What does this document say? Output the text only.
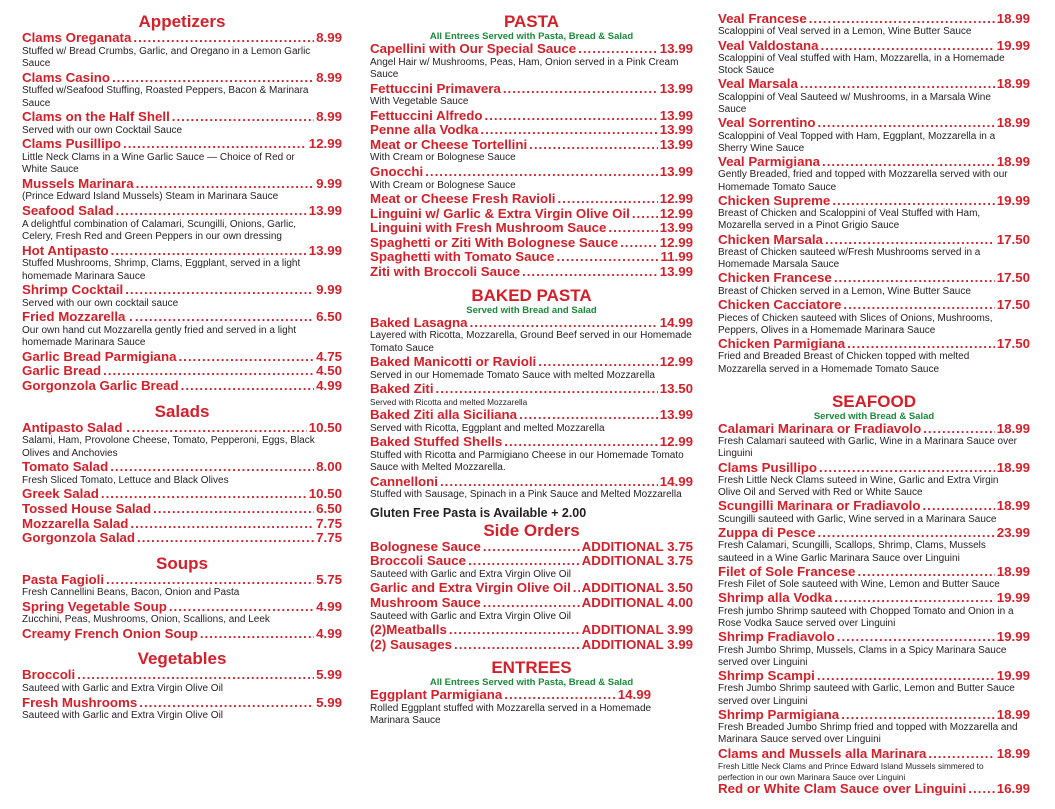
Appetizers
Clams Oreganata .....	8.99
Stuffed w/ Bread Crumbs, Garlic, and Oregano in a Lemon Garlic Sauce
Clams Casino .....	8.99
Stuffed w/Seafood Stuffing, Roasted Peppers, Bacon & Marinara Sauce
Clams on the Half Shell .....	8.99
Served with our own Cocktail Sauce
Clams Pusillipo .....	12.99
Little Neck Clams in a Wine Garlic Sauce — Choice of Red or White Sauce
Mussels Marinara .....	9.99
(Prince Edward Island Mussels) Steam in Marinara Sauce
Seafood Salad .....	13.99
A delightful combination of Calamari, Scungilli, Onions, Garlic, Celery, Fresh Red and Green Peppers in our own dressing
Hot Antipasto .....	13.99
Stuffed Mushrooms, Shrimp, Clams, Eggplant, served in a light homemade Marinara Sauce
Shrimp Cocktail .....	9.99
Served with our own cocktail sauce
Fried Mozzarella . .....	6.50
Our own hand cut Mozzarella gently fried and served in a light homemade Marinara Sauce
Garlic Bread Parmigiana .....	4.75
Garlic Bread .....	4.50
Gorgonzola Garlic Bread .....	4.99
Salads
Antipasto Salad . .....	10.50
Salami, Ham, Provolone Cheese, Tomato, Pepperoni, Eggs, Black Olives and Anchovies
Tomato Salad .....	8.00
Fresh Sliced Tomato, Lettuce and Black Olives
Greek Salad .....	10.50
Tossed House Salad .....	6.50
Mozzarella Salad .....	7.75
Gorgonzola Salad .....	7.75
Soups
Pasta Fagioli .....	5.75
Fresh Cannellini Beans, Bacon, Onion and Pasta
Spring Vegetable Soup .....	4.99
Zucchini, Peas, Mushrooms, Onion, Scallions, and Leek
Creamy French Onion Soup .....	4.99
Vegetables
Broccoli .....	5.99
Sauteed with Garlic and Extra Virgin Olive Oil
Fresh Mushrooms .....	5.99
Sauteed with Garlic and Extra Virgin Olive Oil
PASTA
All Entrees Served with Pasta, Bread & Salad
Capellini with Our Special Sauce .....	13.99
Angel Hair w/ Mushrooms, Peas, Ham, Onion served in a Pink Cream Sauce
Fettuccini Primavera .....	13.99
With Vegetable Sauce
Fettuccini Alfredo .....	13.99
Penne alla Vodka .....	13.99
Meat or Cheese Tortellini .....	13.99
With Cream or Bolognese Sauce
Gnocchi .....	13.99
With Cream or Bolognese Sauce
Meat or Cheese Fresh Ravioli .....	12.99
Linguini w/ Garlic & Extra Virgin Olive Oil ..... 12.99
Linguini with Fresh Mushroom Sauce .....	13.99
Spaghetti or Ziti With Bolognese Sauce .....	12.99
Spaghetti with Tomato Sauce .....	11.99
Ziti with Broccoli Sauce .....	13.99
BAKED PASTA
Served with Bread and Salad
Baked Lasagna .....	14.99
Layered with Ricotta, Mozzarella, Ground Beef served in our Homemade Tomato Sauce
Baked Manicotti or Ravioli .....	12.99
Served in our Homemade Tomato Sauce with melted Mozzarella
Baked Ziti .....	13.50
Served with Ricotta and melted Mozzarella
Baked Ziti alla Siciliana .....	13.99
Served with Ricotta, Eggplant and melted Mozzarella
Baked Stuffed Shells .....	12.99
Stuffed with Ricotta and Parmigiano Cheese in our Homemade Tomato Sauce with Melted Mozzarella.
Cannelloni .....	14.99
Stuffed with Sausage, Spinach in a Pink Sauce and Melted Mozzarella
Gluten Free Pasta is Available + 2.00
Side Orders
Bolognese Sauce .....	ADDITIONAL 3.75
Broccoli Sauce .....	ADDITIONAL 3.75
Sauteed with Garlic and Extra Virgin Olive Oil
Garlic and Extra Virgin Olive Oil ..... ADDITIONAL 3.50
Mushroom Sauce .....	ADDITIONAL 4.00
Sauteed with Garlic and Extra Virgin Olive Oil
(2)Meatballs .....	ADDITIONAL 3.99
(2) Sausages .....	ADDITIONAL 3.99
ENTREES
All Entrees Served with Pasta, Bread & Salad
Eggplant Parmigiana .....	14.99
Rolled Eggplant stuffed with Mozzarella served in a Homemade Marinara Sauce
Veal Francese .....	18.99
Scaloppini of Veal served in a Lemon, Wine Butter Sauce
Veal Valdostana .....	19.99
Scaloppini of Veal stuffed with Ham, Mozzarella, in a Homemade Stock Sauce
Veal Marsala .....	18.99
Scaloppini of Veal Sauteed w/ Mushrooms, in a Marsala Wine Sauce
Veal Sorrentino .....	18.99
Scaloppini of Veal Topped with Ham, Eggplant, Mozzarella in a Sherry Wine Sauce
Veal Parmigiana .....	18.99
Gently Breaded, fried and topped with Mozzarella served with our Homemade Tomato Sauce
Chicken Supreme .....	19.99
Breast of Chicken and Scaloppini of Veal Stuffed with Ham, Mozarella served in a Pinot Grigio Sauce
Chicken Marsala .....	17.50
Breast of Chicken sauteed w/Fresh Mushrooms served in a Homemade Marsala Sauce
Chicken Francese .....	17.50
Breast of Chicken served in a Lemon, Wine Butter Sauce
Chicken Cacciatore .....	17.50
Pieces of Chicken sauteed with Slices of Onions, Mushrooms, Peppers, Olives in a Homemade Marinara Sauce
Chicken Parmigiana .....	17.50
Fried and Breaded Breast of Chicken topped with melted Mozzarella served in a Homemade Tomato Sauce
SEAFOOD
Served with Bread & Salad
Calamari Marinara or Fradiavolo .....	18.99
Fresh Calamari sauteed with Garlic, Wine in a Marinara Sauce over Linguini
Clams Pusillipo .....	18.99
Fresh Little Neck Clams suteed in Wine, Garlic and Extra Virgin Olive Oil and Served with Red or White Sauce
Scungilli Marinara or Fradiavolo .....	18.99
Scungilli sauteed with Garlic, Wine served in a Marinara Sauce
Zuppa di Pesce .....	23.99
Fresh Calamari, Scungilli, Scallops, Shrimp, Clams, Mussels sauteed in a Wine Garlic Marinara Sauce over Linguini
Filet of Sole Francese .....	18.99
Fresh Filet of Sole sauteed with Wine, Lemon and Butter Sauce
Shrimp alla Vodka .....	19.99
Fresh jumbo Shrimp sauteed with Chopped Tomato and Onion in a Rose Vodka Sauce served over Linguini
Shrimp Fradiavolo .....	19.99
Fresh Jumbo Shrimp, Mussels, Clams in a Spicy Marinara Sauce served over Linguini
Shrimp Scampi .....	19.99
Fresh Jumbo Shrimp sauteed with Garlic, Lemon and Butter Sauce served over Linguini
Shrimp Parmigiana .....	18.99
Fresh Breaded Jumbo Shrimp fried and topped with Mozzarella and Marinara Sauce served over Linguini
Clams and Mussels alla Marinara .....	18.99
Fresh Little Neck Clams and Prince Edward Island Mussels simmered to perfection in our own Marinara Sauce over Linguini
Red or White Clam Sauce over Linguini ..... 16.99
